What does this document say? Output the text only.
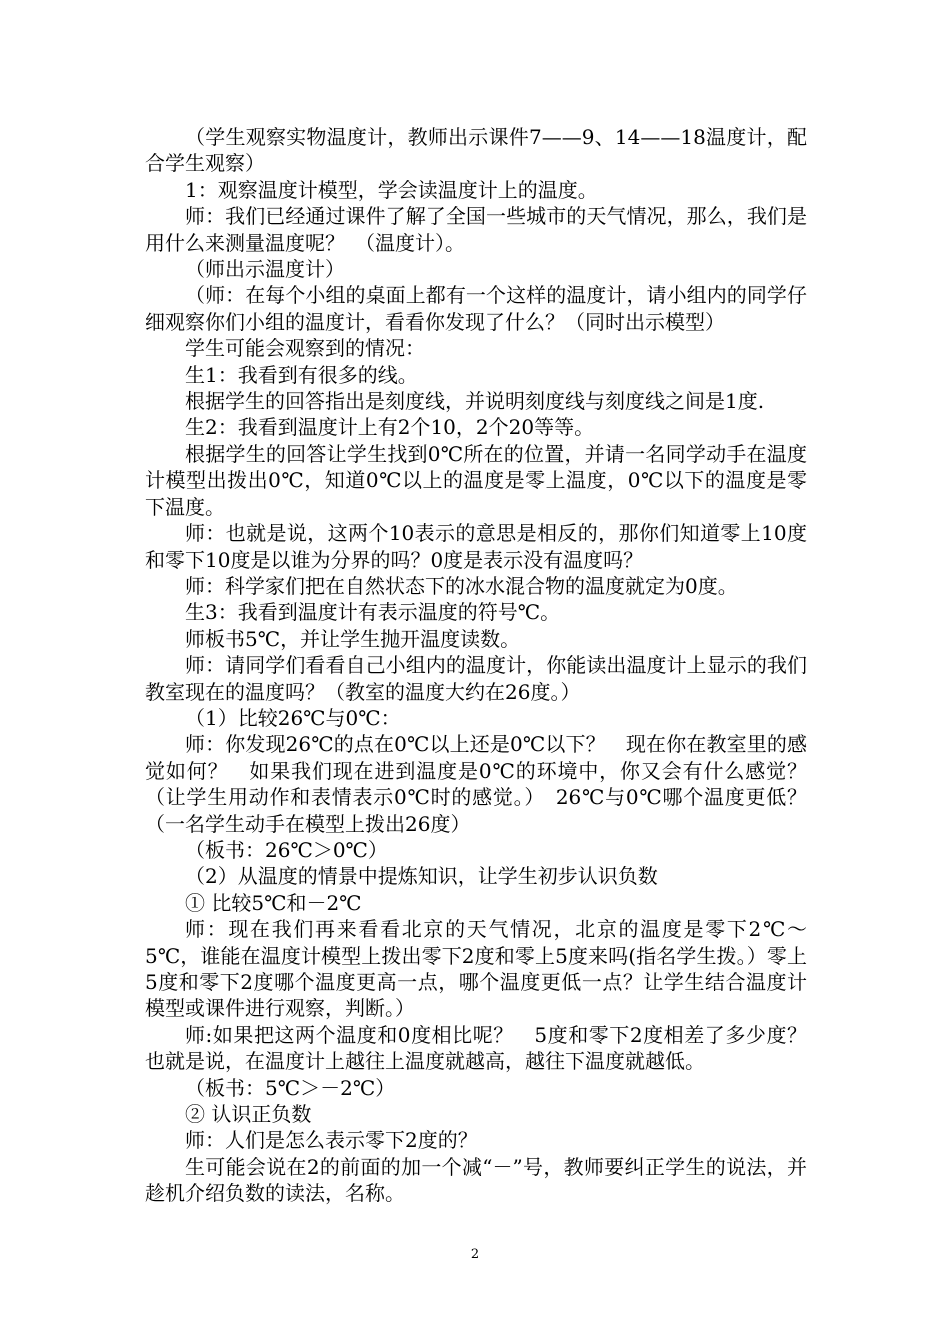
（学生观察实物温度计，教师出示课件7——9、14——18温度计，配合学生观察）

1：观察温度计模型，学会读温度计上的温度。

师：我们已经通过课件了解了全国一些城市的天气情况，那么，我们是用什么来测量温度呢？　（温度计）。

（师出示温度计）

（师：在每个小组的桌面上都有一个这样的温度计，请小组内的同学仔细观察你们小组的温度计，看看你发现了什么？（同时出示模型）

学生可能会观察到的情况：

生1：我看到有很多的线。

根据学生的回答指出是刻度线，并说明刻度线与刻度线之间是1度.

生2：我看到温度计上有2个10，2个20等等。

根据学生的回答让学生找到0℃所在的位置，并请一名同学动手在温度计模型出拨出0℃，知道0℃以上的温度是零上温度，0℃以下的温度是零下温度。

师：也就是说，这两个10表示的意思是相反的，那你们知道零上10度和零下10度是以谁为分界的吗？0度是表示没有温度吗？

师：科学家们把在自然状态下的冰水混合物的温度就定为0度。

生3：我看到温度计有表示温度的符号℃。

师板书5℃，并让学生抛开温度读数。

师：请同学们看看自己小组内的温度计，你能读出温度计上显示的我们教室现在的温度吗？（教室的温度大约在26度。）

（1）比较26℃与0℃：

师：你发现26℃的点在0℃以上还是0℃以下？　现在你在教室里的感觉如何？　如果我们现在进到温度是0℃的环境中，你又会有什么感觉？　（让学生用动作和表情表示0℃时的感觉。）　26℃与0℃哪个温度更低？（一名学生动手在模型上拨出26度）

（板书：26℃＞0℃）

（2）从温度的情景中提炼知识，让学生初步认识负数

① 比较5℃和－2℃

师：现在我们再来看看北京的天气情况，北京的温度是零下2℃～5℃，谁能在温度计模型上拨出零下2度和零上5度来吗(指名学生拨。）零上5度和零下2度哪个温度更高一点，哪个温度更低一点？让学生结合温度计模型或课件进行观察，判断。）

师:如果把这两个温度和0度相比呢？　5度和零下2度相差了多少度？　也就是说，在温度计上越往上温度就越高，越往下温度就越低。

（板书：5℃＞－2℃）

② 认识正负数

师：人们是怎么表示零下2度的？

生可能会说在2的前面的加一个减“－”号，教师要纠正学生的说法，并趁机介绍负数的读法，名称。

2
